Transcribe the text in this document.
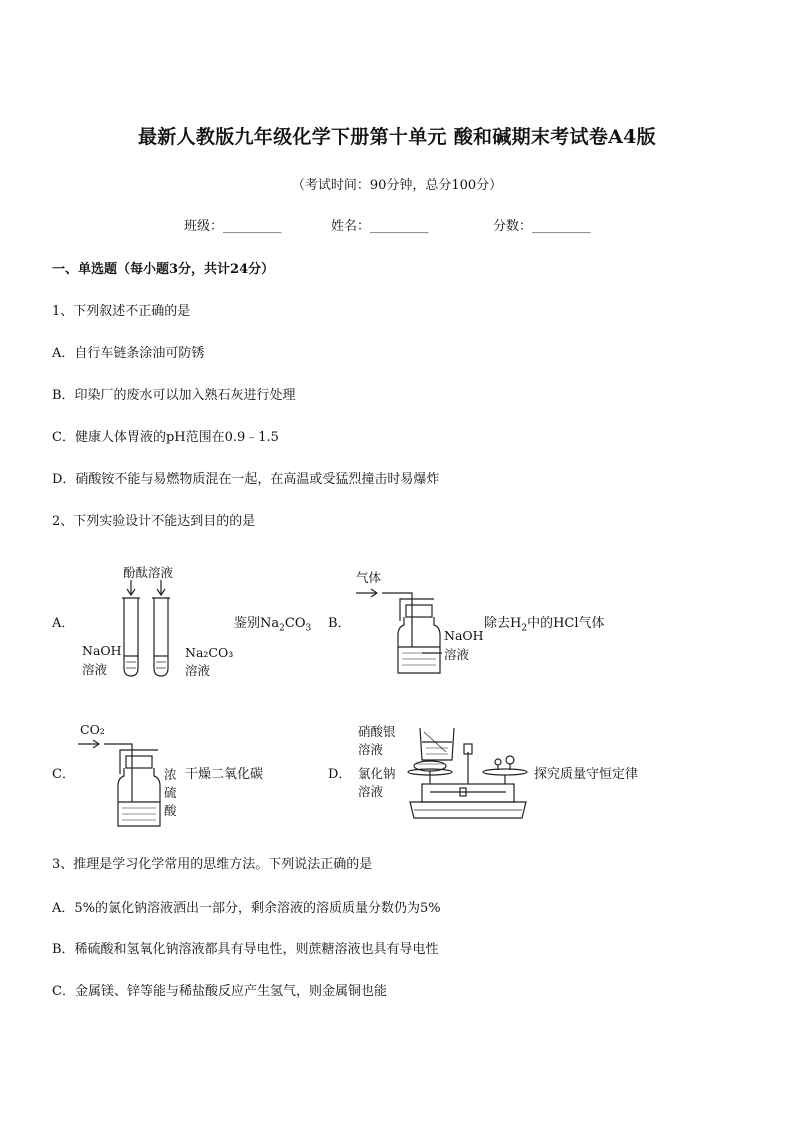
最新人教版九年级化学下册第十单元 酸和碱期末考试卷A4版
（考试时间：90分钟，总分100分）
班级：_________	姓名：_________	分数：_________
一、单选题（每小题3分，共计24分）
1、下列叙述不正确的是
A．自行车链条涂油可防锈
B．印染厂的废水可以加入熟石灰进行处理
C．健康人体胃液的pH范围在0.9﹣1.5
D．硝酸铵不能与易燃物质混在一起，在高温或受猛烈撞击时易爆炸
2、下列实验设计不能达到目的的是
A．
酚酞溶液
NaOH
溶液
Na₂CO₃
溶液
鉴别$Na_2CO_3$ B．
气体
NaOH
溶液
除去$H_2$中的HCl气体
C．
CO₂
浓
硫
酸
干燥二氧化碳	D．
硝酸银
溶液
氯化钠
溶液
探究质量守恒定律
3、推理是学习化学常用的思维方法。下列说法正确的是
A．5%的氯化钠溶液洒出一部分，剩余溶液的溶质质量分数仍为5%
B．稀硫酸和氢氧化钠溶液都具有导电性，则蔗糖溶液也具有导电性
C．金属镁、锌等能与稀盐酸反应产生氢气，则金属铜也能
